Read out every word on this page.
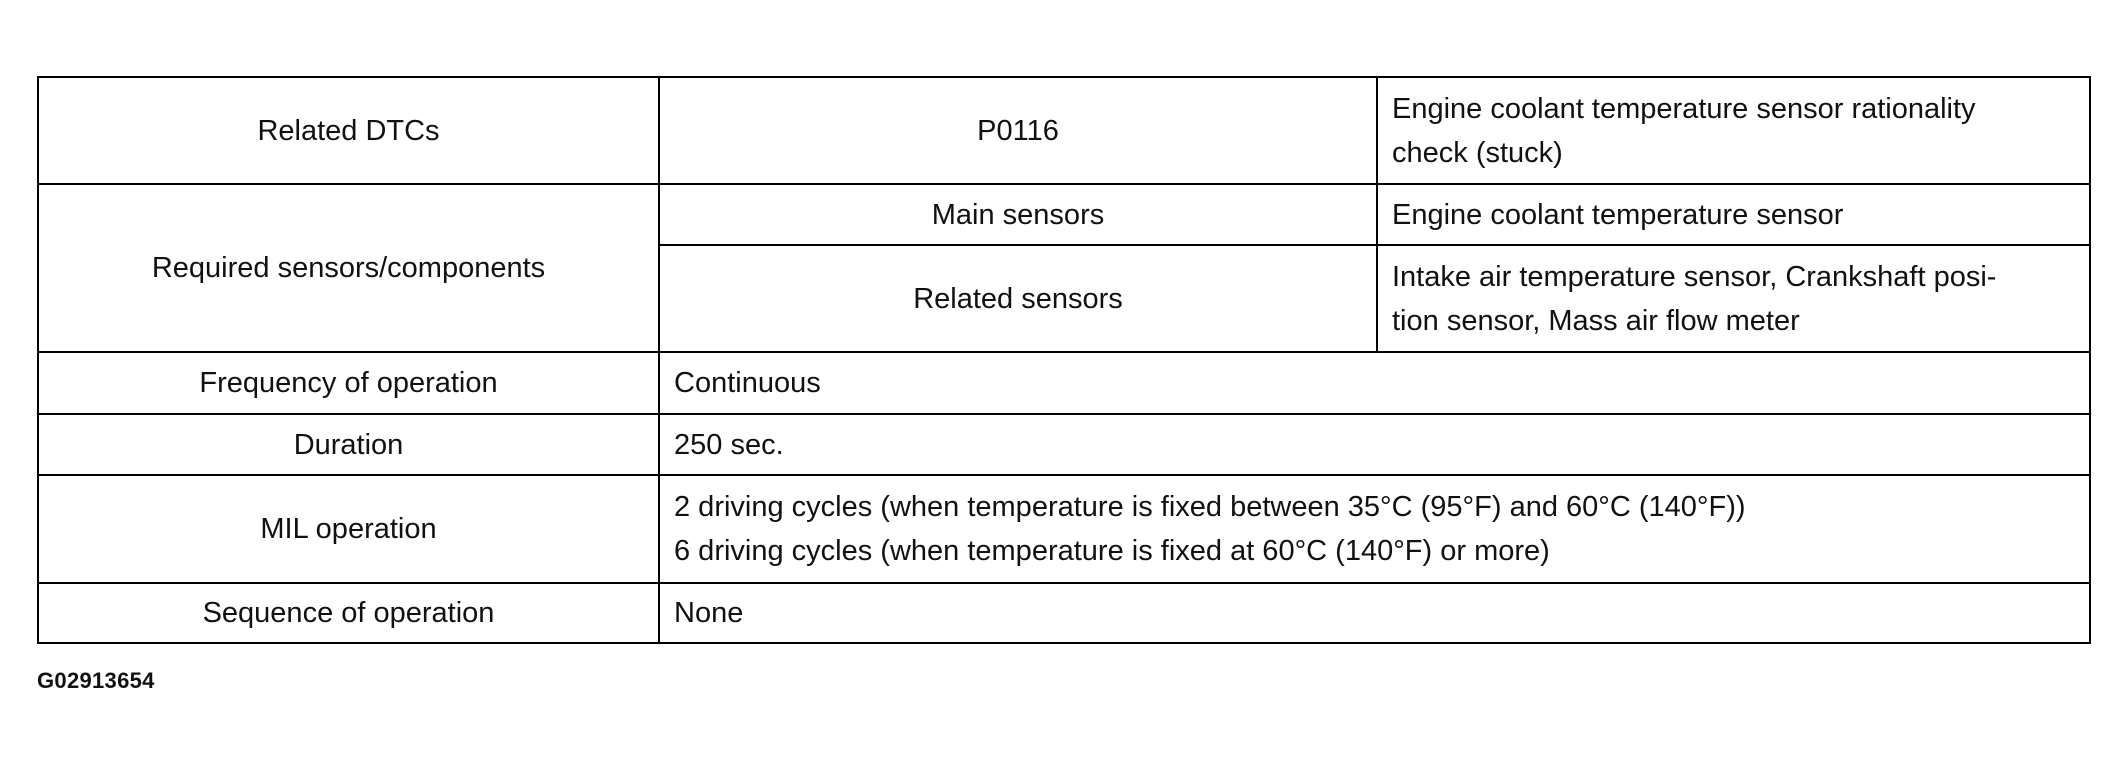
Related DTCs	P0116	Engine coolant temperature sensor rationality
check (stuck)

Required sensors/components	Main sensors	Engine coolant temperature sensor
	Related sensors	Intake air temperature sensor, Crankshaft posi-
tion sensor, Mass air flow meter

Frequency of operation	Continuous	
Duration	250 sec.	
MIL operation	2 driving cycles (when temperature is fixed between 35°C (95°F) and 60°C (140°F))
6 driving cycles (when temperature is fixed at 60°C (140°F) or more)	

Sequence of operation	None	
G02913654
